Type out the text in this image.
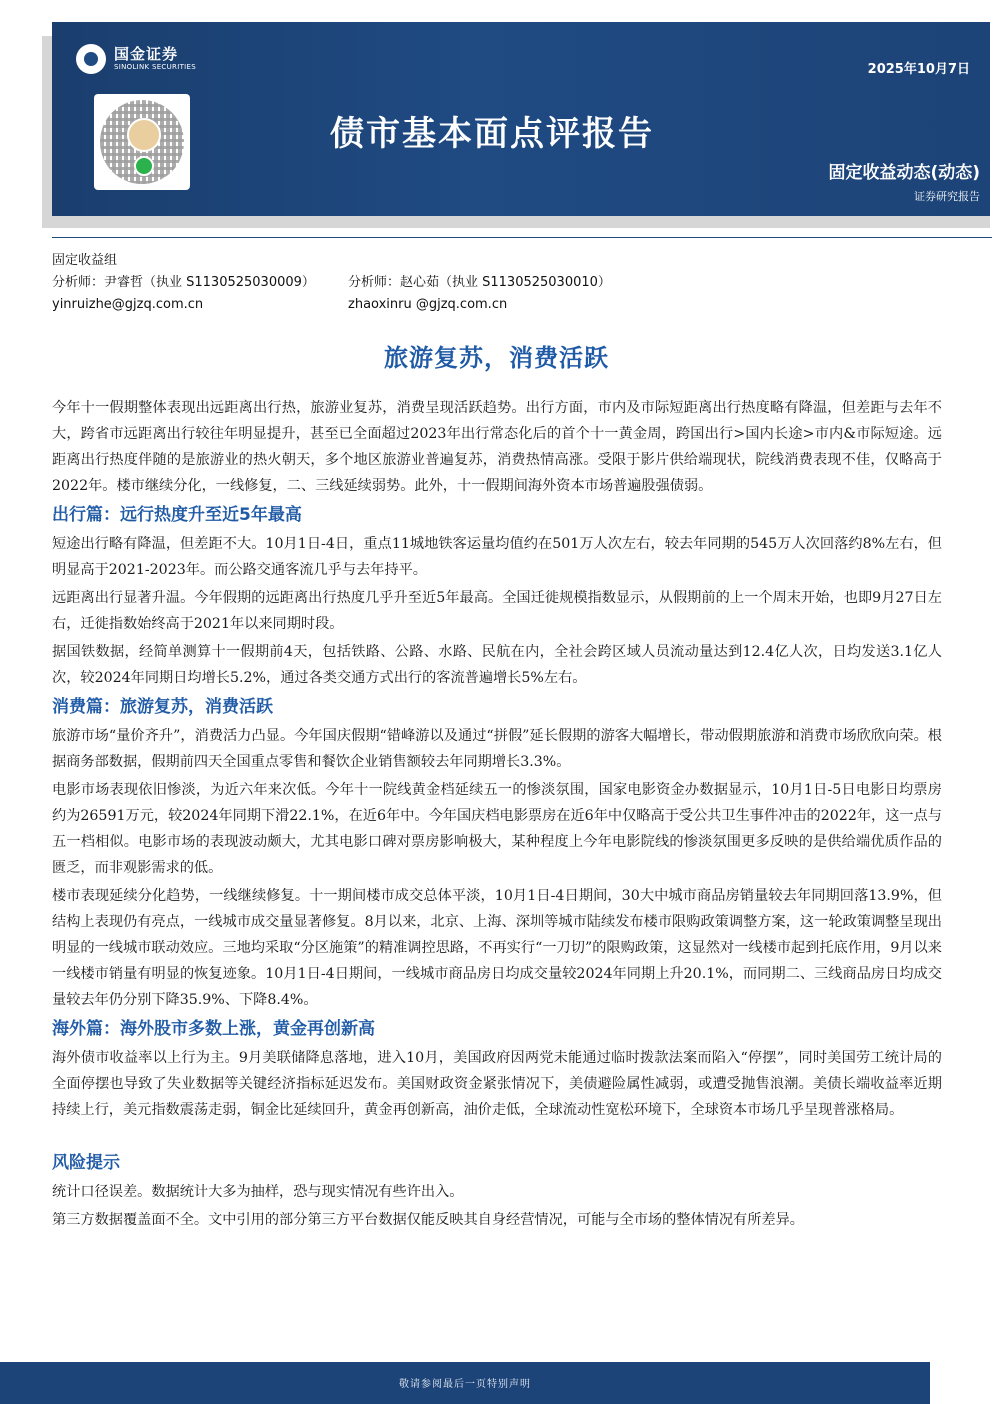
国金证券
SINOLINK SECURITIES	2025年10月7日
债市基本面点评报告
固定收益动态(动态)
证券研究报告
固定收益组
分析师：尹睿哲（执业 S1130525030009）	分析师：赵心茹（执业 S1130525030010）
yinruizhe@gjzq.com.cn	zhaoxinru @gjzq.com.cn
旅游复苏，消费活跃

今年十一假期整体表现出远距离出行热，旅游业复苏，消费呈现活跃趋势。出行方面，市内及市际短距离出行热度略有降温，但差距与去年不大，跨省市远距离出行较往年明显提升，甚至已全面超过2023年出行常态化后的首个十一黄金周，跨国出行>国内长途>市内&市际短途。远距离出行热度伴随的是旅游业的热火朝天，多个地区旅游业普遍复苏，消费热情高涨。受限于影片供给端现状，院线消费表现不佳，仅略高于2022年。楼市继续分化，一线修复，二、三线延续弱势。此外，十一假期间海外资本市场普遍股强债弱。

出行篇：远行热度升至近5年最高

短途出行略有降温，但差距不大。10月1日-4日，重点11城地铁客运量均值约在501万人次左右，较去年同期的545万人次回落约8%左右，但明显高于2021-2023年。而公路交通客流几乎与去年持平。

远距离出行显著升温。今年假期的远距离出行热度几乎升至近5年最高。全国迁徙规模指数显示，从假期前的上一个周末开始，也即9月27日左右，迁徙指数始终高于2021年以来同期时段。

据国铁数据，经简单测算十一假期前4天，包括铁路、公路、水路、民航在内，全社会跨区域人员流动量达到12.4亿人次，日均发送3.1亿人次，较2024年同期日均增长5.2%，通过各类交通方式出行的客流普遍增长5%左右。

消费篇：旅游复苏，消费活跃

旅游市场“量价齐升”，消费活力凸显。今年国庆假期“错峰游以及通过“拼假”延长假期的游客大幅增长，带动假期旅游和消费市场欣欣向荣。根据商务部数据，假期前四天全国重点零售和餐饮企业销售额较去年同期增长3.3%。

电影市场表现依旧惨淡，为近六年来次低。今年十一院线黄金档延续五一的惨淡氛围，国家电影资金办数据显示，10月1日-5日电影日均票房约为26591万元，较2024年同期下滑22.1%，在近6年中。今年国庆档电影票房在近6年中仅略高于受公共卫生事件冲击的2022年，这一点与五一档相似。电影市场的表现波动颇大，尤其电影口碑对票房影响极大，某种程度上今年电影院线的惨淡氛围更多反映的是供给端优质作品的匮乏，而非观影需求的低。

楼市表现延续分化趋势，一线继续修复。十一期间楼市成交总体平淡，10月1日-4日期间，30大中城市商品房销量较去年同期回落13.9%，但结构上表现仍有亮点，一线城市成交量显著修复。8月以来，北京、上海、深圳等城市陆续发布楼市限购政策调整方案，这一轮政策调整呈现出明显的一线城市联动效应。三地均采取“分区施策”的精准调控思路，不再实行“一刀切”的限购政策，这显然对一线楼市起到托底作用，9月以来一线楼市销量有明显的恢复迹象。10月1日-4日期间，一线城市商品房日均成交量较2024年同期上升20.1%，而同期二、三线商品房日均成交量较去年仍分别下降35.9%、下降8.4%。

海外篇：海外股市多数上涨，黄金再创新高

海外债市收益率以上行为主。9月美联储降息落地，进入10月，美国政府因两党未能通过临时拨款法案而陷入“停摆”，同时美国劳工统计局的全面停摆也导致了失业数据等关键经济指标延迟发布。美国财政资金紧张情况下，美债避险属性减弱，或遭受抛售浪潮。美债长端收益率近期持续上行，美元指数震荡走弱，铜金比延续回升，黄金再创新高，油价走低，全球流动性宽松环境下，全球资本市场几乎呈现普涨格局。

风险提示

统计口径误差。数据统计大多为抽样，恐与现实情况有些许出入。

第三方数据覆盖面不全。文中引用的部分第三方平台数据仅能反映其自身经营情况，可能与全市场的整体情况有所差异。

敬请参阅最后一页特别声明
